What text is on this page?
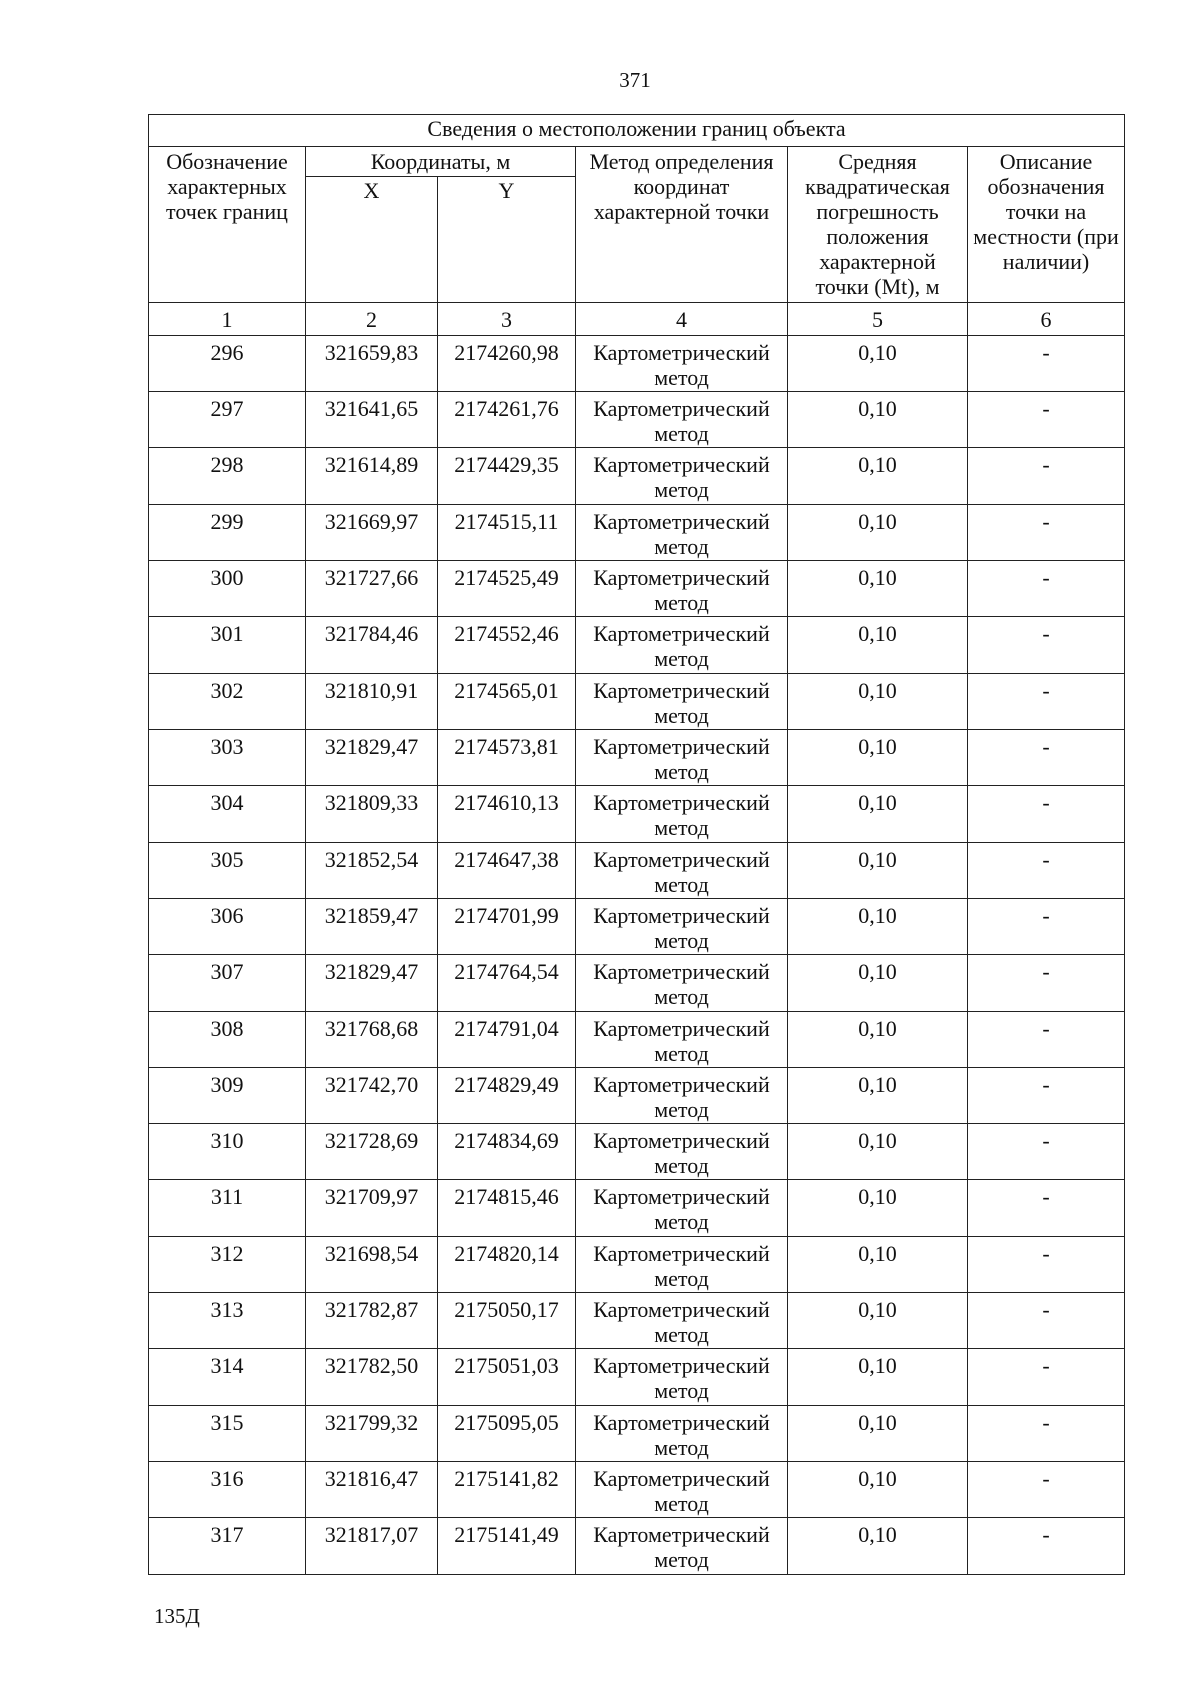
371
Сведения о местоположении границ объекта					
Обозначение характерных точек границ	Координаты, м		Метод определения координат характерной точки	Средняя квадратическая погрешность положения характерной точки (Mt), м	Описание обозначения точки на местности (при наличии)
	X	Y			
1	2	3	4	5	6
296	321659,83	2174260,98	Картометрический метод	0,10	-
297	321641,65	2174261,76	Картометрический метод	0,10	-
298	321614,89	2174429,35	Картометрический метод	0,10	-
299	321669,97	2174515,11	Картометрический метод	0,10	-
300	321727,66	2174525,49	Картометрический метод	0,10	-
301	321784,46	2174552,46	Картометрический метод	0,10	-
302	321810,91	2174565,01	Картометрический метод	0,10	-
303	321829,47	2174573,81	Картометрический метод	0,10	-
304	321809,33	2174610,13	Картометрический метод	0,10	-
305	321852,54	2174647,38	Картометрический метод	0,10	-
306	321859,47	2174701,99	Картометрический метод	0,10	-
307	321829,47	2174764,54	Картометрический метод	0,10	-
308	321768,68	2174791,04	Картометрический метод	0,10	-
309	321742,70	2174829,49	Картометрический метод	0,10	-
310	321728,69	2174834,69	Картометрический метод	0,10	-
311	321709,97	2174815,46	Картометрический метод	0,10	-
312	321698,54	2174820,14	Картометрический метод	0,10	-
313	321782,87	2175050,17	Картометрический метод	0,10	-
314	321782,50	2175051,03	Картометрический метод	0,10	-
315	321799,32	2175095,05	Картометрический метод	0,10	-
316	321816,47	2175141,82	Картометрический метод	0,10	-
317	321817,07	2175141,49	Картометрический метод	0,10	-
135Д
